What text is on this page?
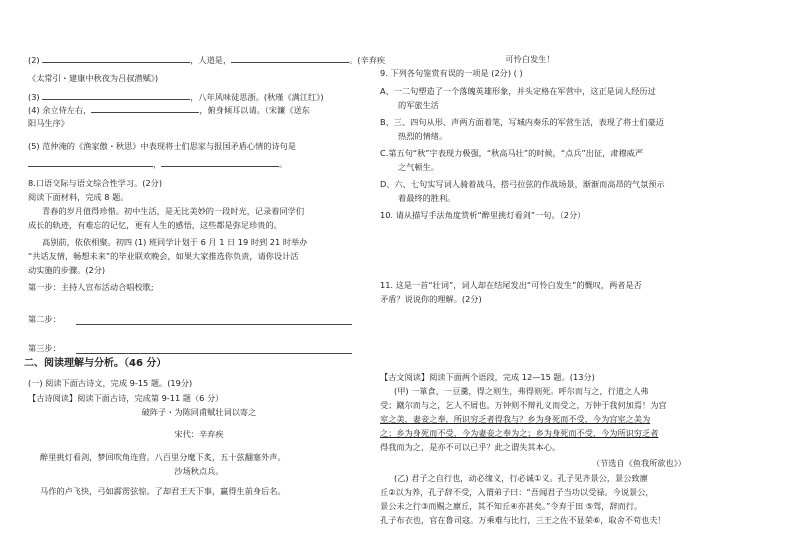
(2)	，人道是，	。(辛弃疾
《太常引・建康中秋夜为吕叔潜赋》)
(3)	，八年风味徒思浙。(秋瑾《满江红》)
(4) 余立侍左右，	，俯身倾耳以请。（宋濂《送东
阳马生序》
(5) 范仲淹的《渔家傲・秋思》中表现将士们思家与报国矛盾心情的诗句是
，	。
8.口语交际与语文综合性学习。(2分)
阅读下面材料，完成 8 题。
青春的岁月值得珍惜。初中生活，是无比美妙的一段时光，记录着同学们
成长的轨迹，有难忘的记忆，更有人生的感悟，这些都是弥足珍贵的。
高别前，依依相聚。初四 (1) 班同学计划于 6 月 1 日 19 时到 21 时举办
“共话友情，畅想未来”的毕业联欢晚会，如果大家推选你负责，请你设计活
动实施的步骤。(2分)
第一步：主持人宣布活动合唱校歌;
第二步：
第三步：
二、阅读理解与分析。（46 分）
(一) 阅读下面古诗文，完成 9-15 题。(19分)
【古诗阅读】阅读下面古诗，完成第 9-11 题（6 分）
破阵子・为陈同甫赋壮词以寄之
宋代：辛弃疾
醉里挑灯看剑，梦回吹角连营。八百里分麾下炙，五十弦翻塞外声。
沙场秋点兵。
马作的卢飞快，弓如霹雳弦惊。了却君王天下事，赢得生前身后名。
可怜白发生！
9. 下列各句鉴赏有误的一项是 (2分) ( )
A、一二句塑造了一个落魄英雄形象，并头定格在军营中，这正是词人经历过
的军旅生活
B、三、四句从形、声两方面着笔，写城内奏乐的军营生活，表现了将士们豪迈
热烈的情绪。
C.第五句“秋”字表现力极强，“秋高马壮”的时候，“点兵”出征，肃穆威严
之气顿生。
D、六、七句实写词人骑着战马，搭弓拉弦的作战场景，渐渐而高昂的气氛预示
着最终的胜利。
10. 请从描写手法角度赏析“醉里挑灯看剑”一句。（2分）
11. 这是一首“壮词”，词人却在结尾发出“可怜白发生”的慨叹，两者是否
矛盾？说说你的理解。(2分)
【古文阅读】阅读下面两个语段，完成 12—15 题。(13分)
(甲) 一箪食，一豆羹，得之则生，弗得则死。呼尔而与之，行道之人弗
受；蹴尔而与之，乞人不屑也。万钟则不辩礼义而受之，万钟于我何加焉！为宫
室之美，妻妾之奉，所识穷乏者得我与？乡为身死而不受，今为宫室之美为
之；乡为身死而不受，今为妻妾之奉为之；乡为身死而不受，今为所识穷乏者
得我而为之，是亦不可以已乎？此之谓失其本心。
（节选自《鱼我所欲也》）
(乙) 君子之自行也，动必缘义，行必诚①义。孔子见齐景公，景公致廪
丘②以为养，孔子辞不受，入谓弟子曰：“吾闻君子当功以受禄。今说景公，
景公未之行③而赐之廪丘，其不知丘④亦甚矣。”令弃于田 ⑤驾，辞而行。
孔子布衣也，官在鲁司寇。万乘难与比行，三王之佐不显荣⑥，取舍不苟也夫！
